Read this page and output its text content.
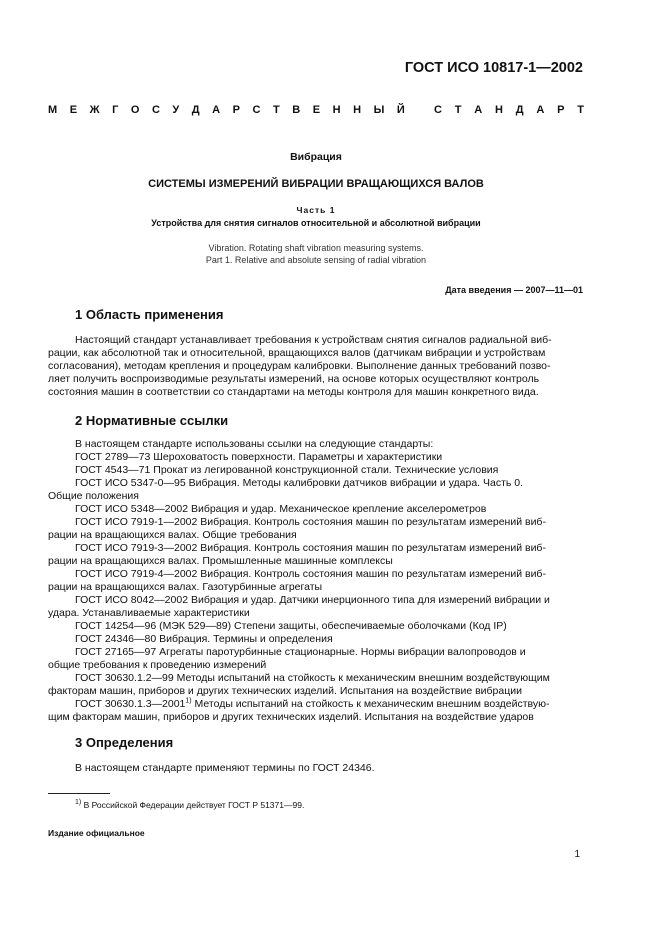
ГОСТ ИСО 10817-1—2002
М Е Ж Г О С У Д А Р С Т В Е Н Н Ы Й	С Т А Н Д А Р Т
Вибрация
СИСТЕМЫ ИЗМЕРЕНИЙ ВИБРАЦИИ ВРАЩАЮЩИХСЯ ВАЛОВ
Часть 1
Устройства для снятия сигналов относительной и абсолютной вибрации
Vibration. Rotating shaft vibration measuring systems.
Part 1. Relative and absolute sensing of radial vibration
Дата введения — 2007—11—01
1 Область применения
Настоящий стандарт устанавливает требования к устройствам снятия сигналов радиальной виб-
рации, как абсолютной так и относительной, вращающихся валов (датчикам вибрации и устройствам
согласования), методам крепления и процедурам калибровки. Выполнение данных требований позво-
ляет получить воспроизводимые результаты измерений, на основе которых осуществляют контроль
состояния машин в соответствии со стандартами на методы контроля для машин конкретного вида.
2 Нормативные ссылки
В настоящем стандарте использованы ссылки на следующие стандарты:
ГОСТ 2789—73 Шероховатость поверхности. Параметры и характеристики
ГОСТ 4543—71 Прокат из легированной конструкционной стали. Технические условия
ГОСТ ИСО 5347-0—95 Вибрация. Методы калибровки датчиков вибрации и удара. Часть 0.
Общие положения
ГОСТ ИСО 5348—2002 Вибрация и удар. Механическое крепление акселерометров
ГОСТ ИСО 7919-1—2002 Вибрация. Контроль состояния машин по результатам измерений виб-
рации на вращающихся валах. Общие требования
ГОСТ ИСО 7919-3—2002 Вибрация. Контроль состояния машин по результатам измерений виб-
рации на вращающихся валах. Промышленные машинные комплексы
ГОСТ ИСО 7919-4—2002 Вибрация. Контроль состояния машин по результатам измерений виб-
рации на вращающихся валах. Газотурбинные агрегаты
ГОСТ ИСО 8042—2002 Вибрация и удар. Датчики инерционного типа для измерений вибрации и
удара. Устанавливаемые характеристики
ГОСТ 14254—96 (МЭК 529—89) Степени защиты, обеспечиваемые оболочками (Код IP)
ГОСТ 24346—80 Вибрация. Термины и определения
ГОСТ 27165—97 Агрегаты паротурбинные стационарные. Нормы вибрации валопроводов и
общие требования к проведению измерений
ГОСТ 30630.1.2—99 Методы испытаний на стойкость к механическим внешним воздействующим
факторам машин, приборов и других технических изделий. Испытания на воздействие вибрации
ГОСТ 30630.1.3—2001$^{1)}$ Методы испытаний на стойкость к механическим внешним воздействую-
щим факторам машин, приборов и других технических изделий. Испытания на воздействие ударов
3 Определения
В настоящем стандарте применяют термины по ГОСТ 24346.
$^{1)}$ В Российской Федерации действует ГОСТ Р 51371—99.
Издание официальное
1
